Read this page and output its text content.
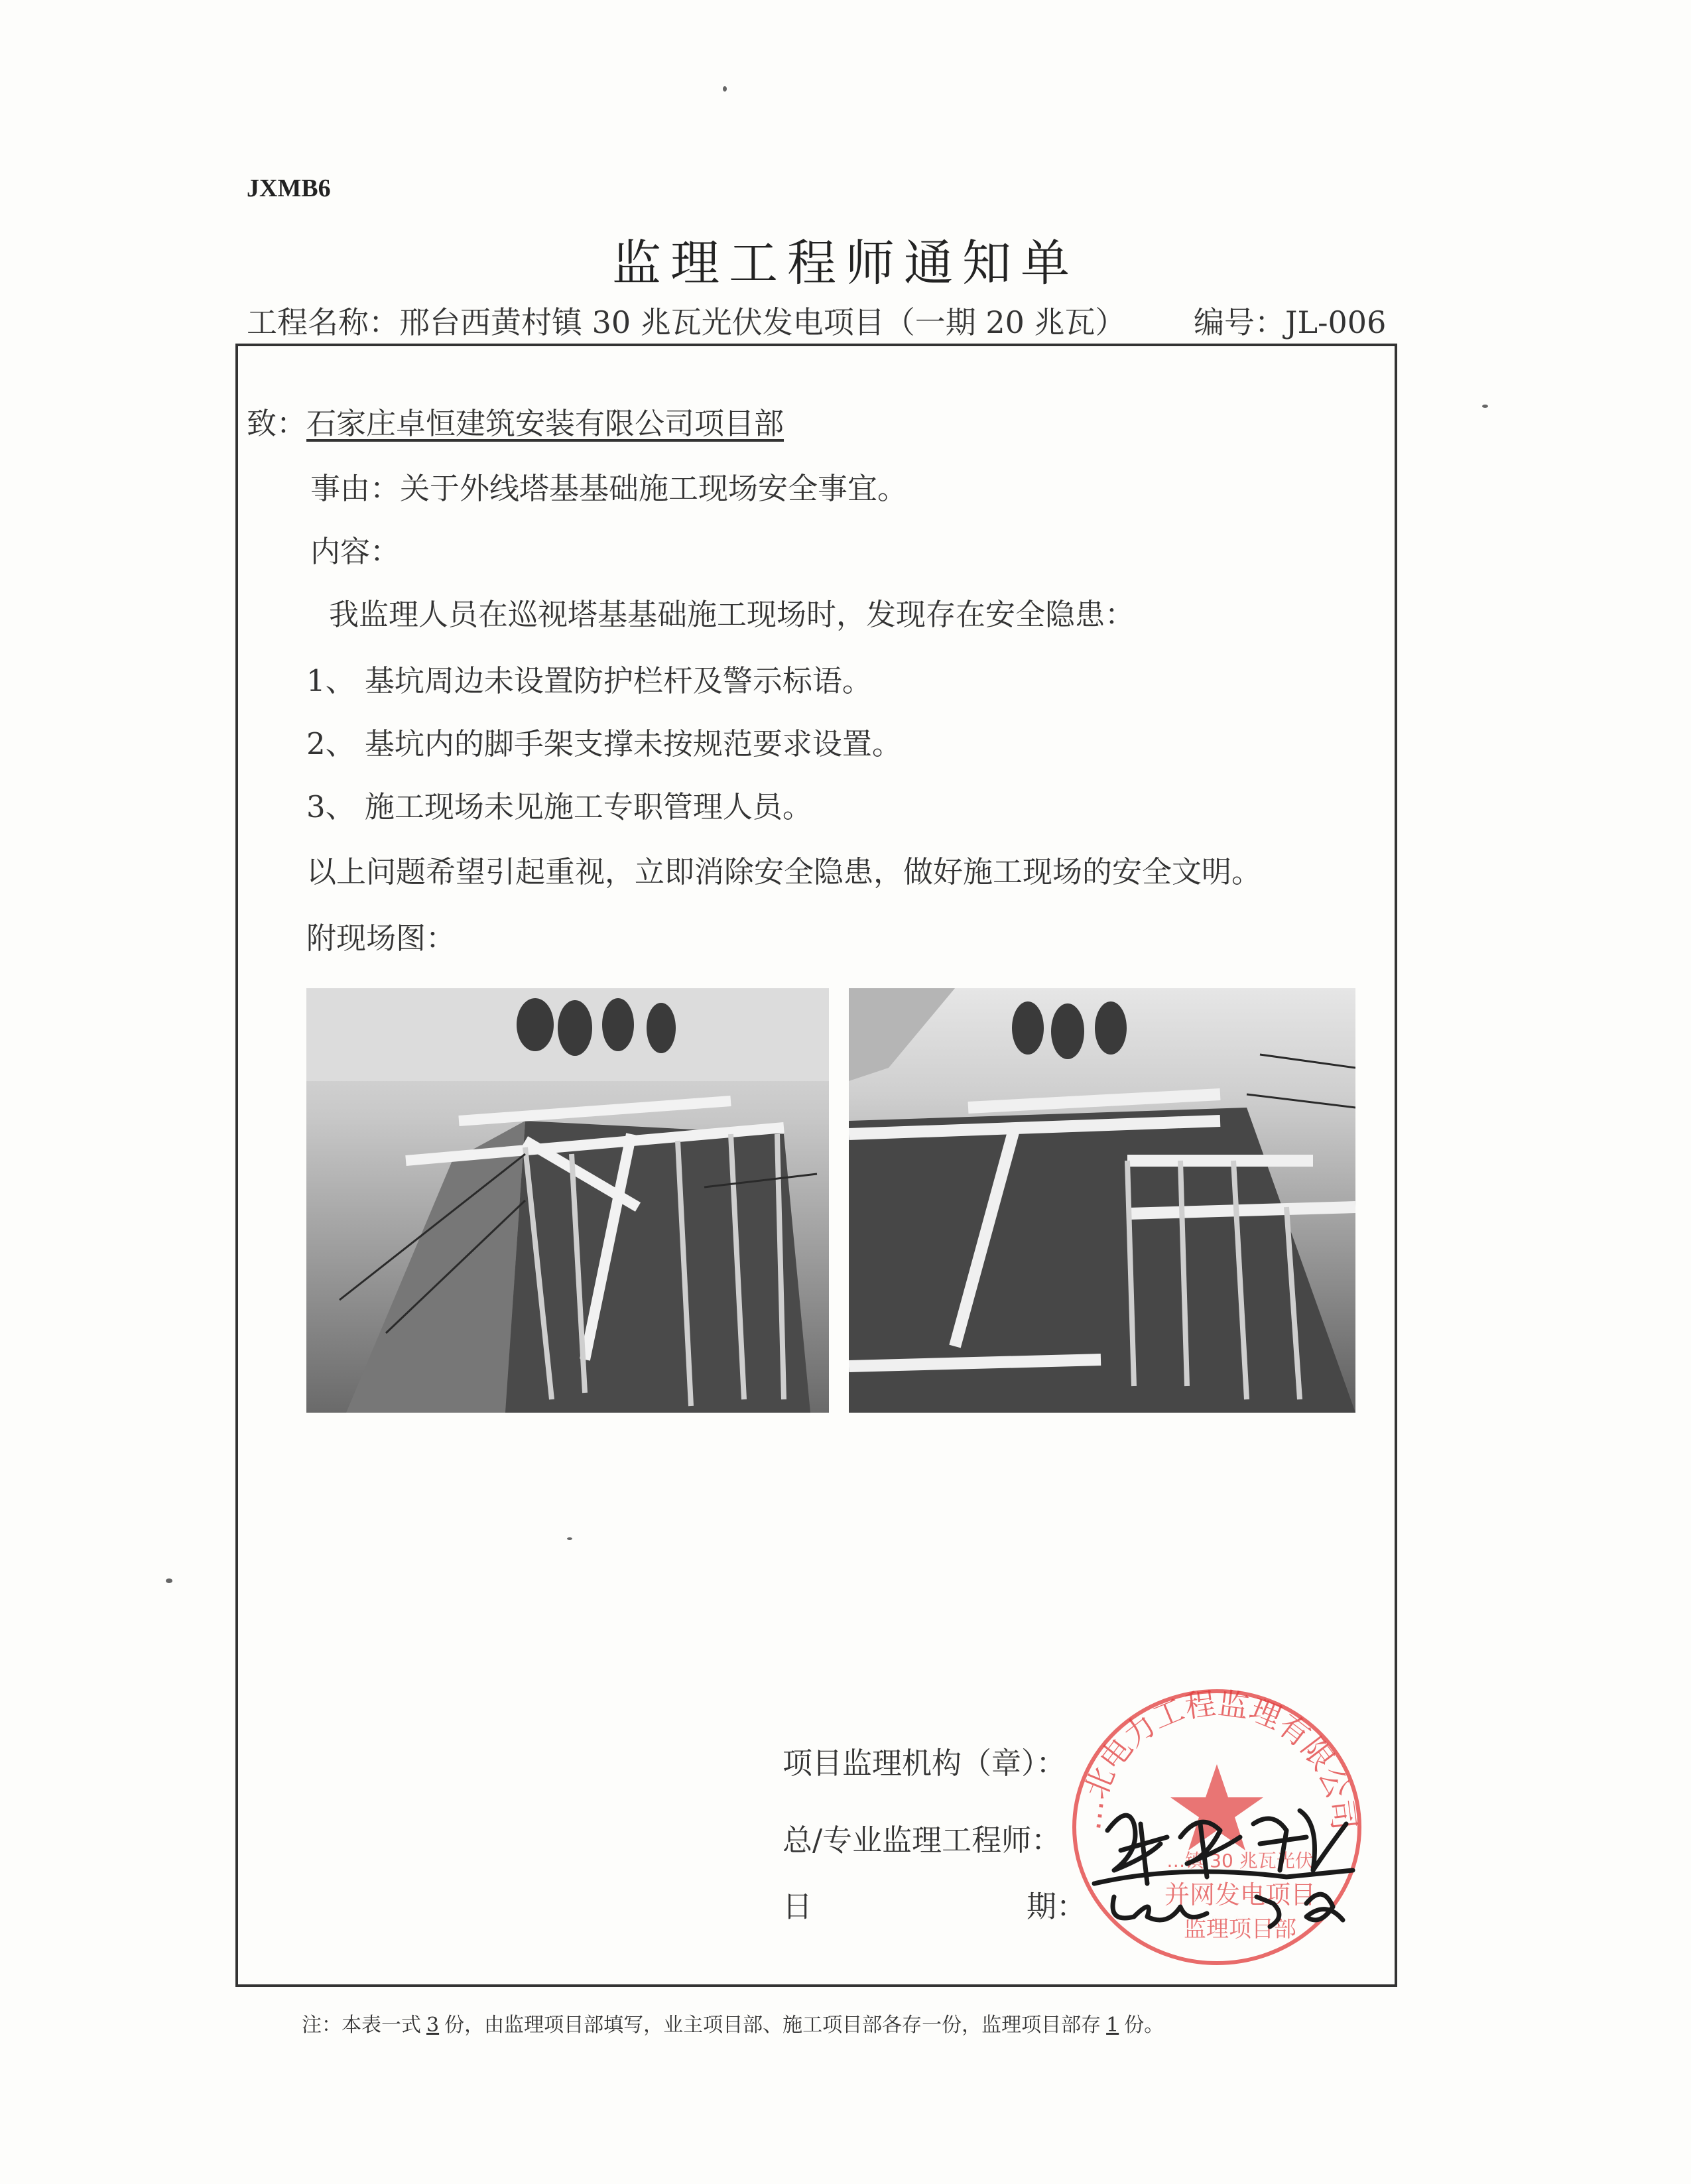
JXMB6
监理工程师通知单
工程名称：邢台西黄村镇 30 兆瓦光伏发电项目（一期 20 兆瓦） 编号：JL-006
致：石家庄卓恒建筑安装有限公司项目部
事由：关于外线塔基基础施工现场安全事宜。
内容：
我监理人员在巡视塔基基础施工现场时，发现存在安全隐患：
1、 基坑周边未设置防护栏杆及警示标语。
2、 基坑内的脚手架支撑未按规范要求设置。
3、 施工现场未见施工专职管理人员。
以上问题希望引起重视，立即消除安全隐患，做好施工现场的安全文明。
附现场图：
项目监理机构（章）：
总/专业监理工程师：
日	期：
…北电力工程监理有限公司
…镇 30 兆瓦光伏
并网发电项目
监理项目部
注：本表一式 3 份，由监理项目部填写，业主项目部、施工项目部各存一份，监理项目部存 1 份。
